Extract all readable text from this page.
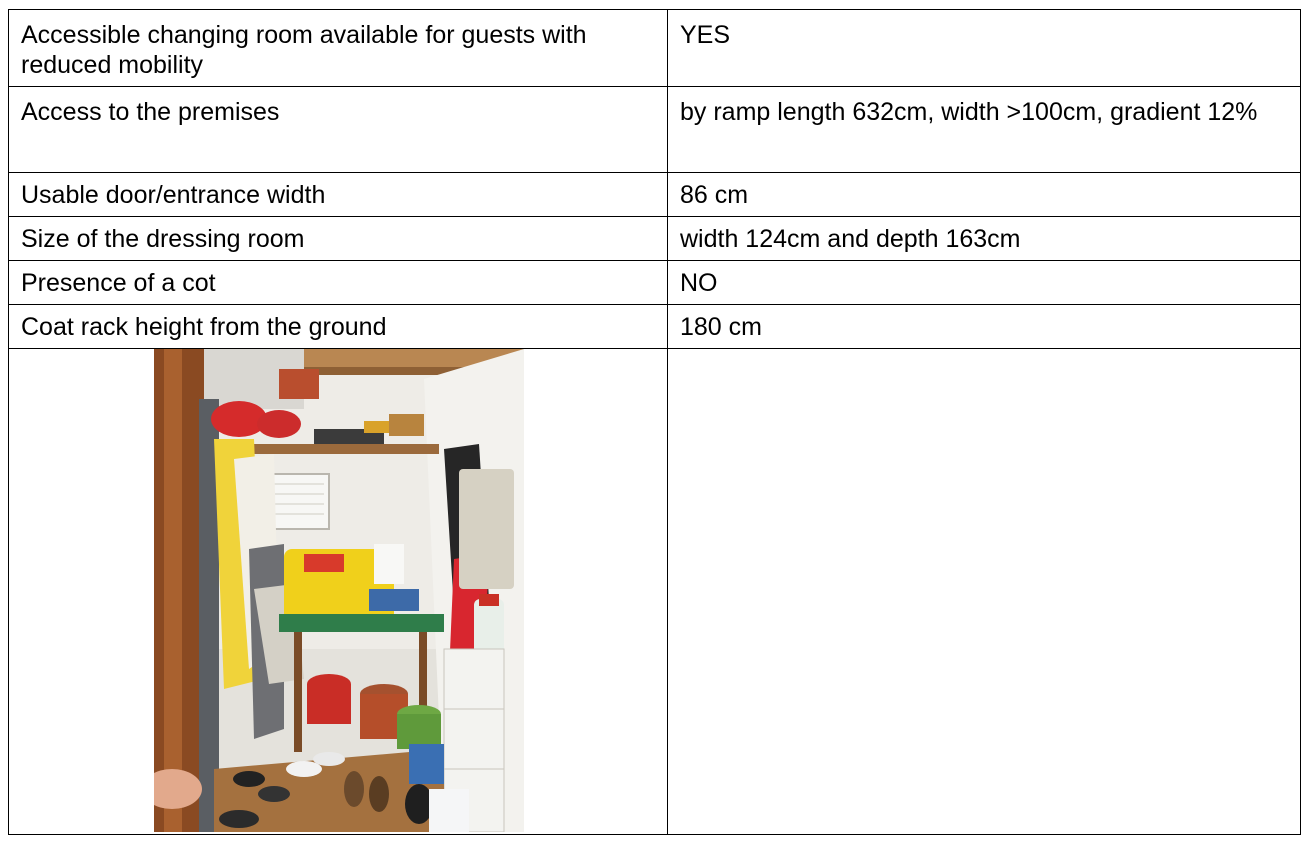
Accessible changing room available for guests with reduced mobility	YES
Access to the premises	by ramp length 632cm, width >100cm, gradient 12%
Usable door/entrance width	86 cm
Size of the dressing room	width 124cm and depth 163cm
Presence of a cot	NO
Coat rack height from the ground	180 cm
